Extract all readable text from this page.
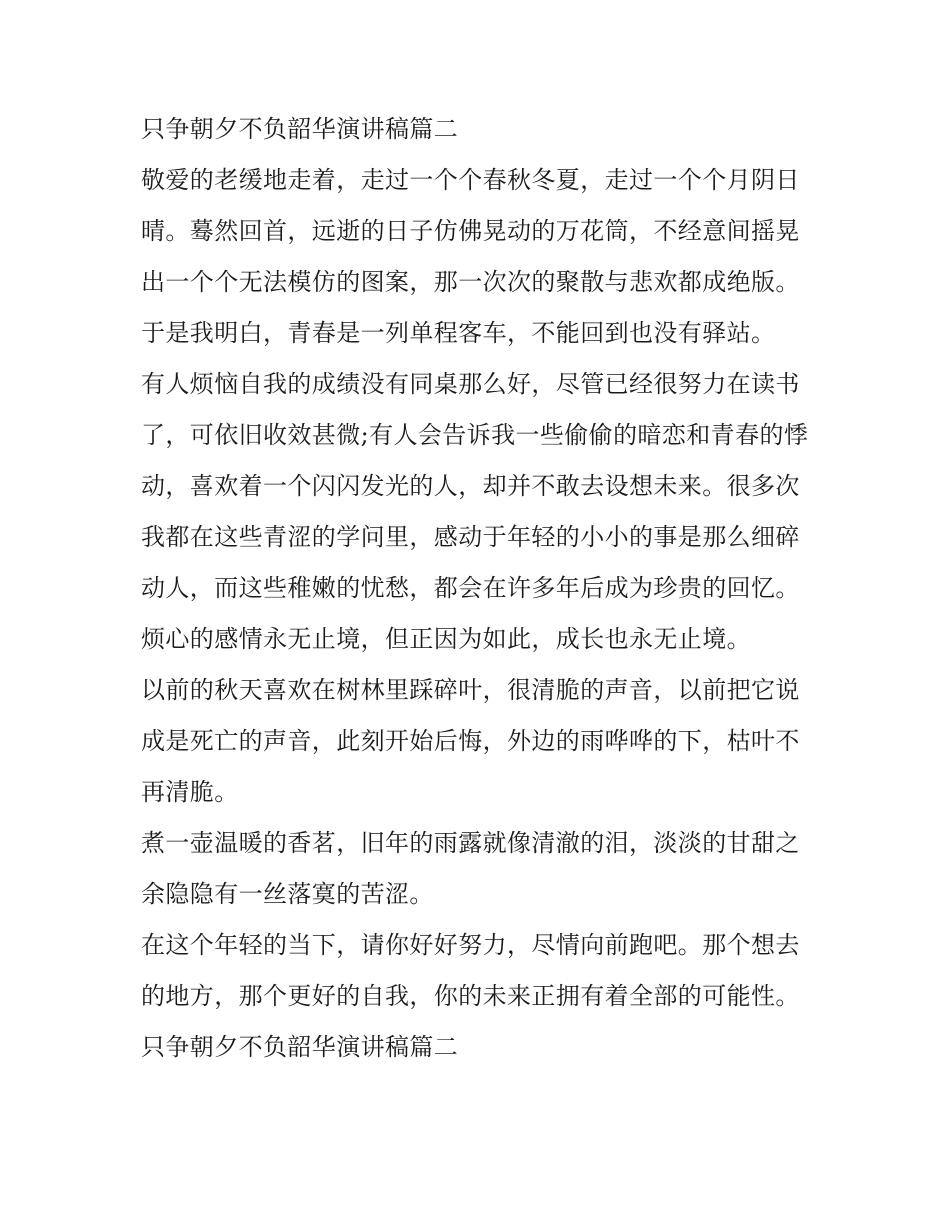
只争朝夕不负韶华演讲稿篇二

敬爱的老缓地走着，走过一个个春秋冬夏，走过一个个月阴日晴。蓦然回首，远逝的日子仿佛晃动的万花筒，不经意间摇晃出一个个无法模仿的图案，那一次次的聚散与悲欢都成绝版。

于是我明白，青春是一列单程客车，不能回到也没有驿站。

有人烦恼自我的成绩没有同桌那么好，尽管已经很努力在读书了，可依旧收效甚微;有人会告诉我一些偷偷的暗恋和青春的悸动，喜欢着一个闪闪发光的人，却并不敢去设想未来。很多次我都在这些青涩的学问里，感动于年轻的小小的事是那么细碎动人，而这些稚嫩的忧愁，都会在许多年后成为珍贵的回忆。

烦心的感情永无止境，但正因为如此，成长也永无止境。

以前的秋天喜欢在树林里踩碎叶，很清脆的声音，以前把它说成是死亡的声音，此刻开始后悔，外边的雨哗哗的下，枯叶不再清脆。

煮一壶温暖的香茗，旧年的雨露就像清澈的泪，淡淡的甘甜之余隐隐有一丝落寞的苦涩。

在这个年轻的当下，请你好好努力，尽情向前跑吧。那个想去的地方，那个更好的自我，你的未来正拥有着全部的可能性。

只争朝夕不负韶华演讲稿篇二
